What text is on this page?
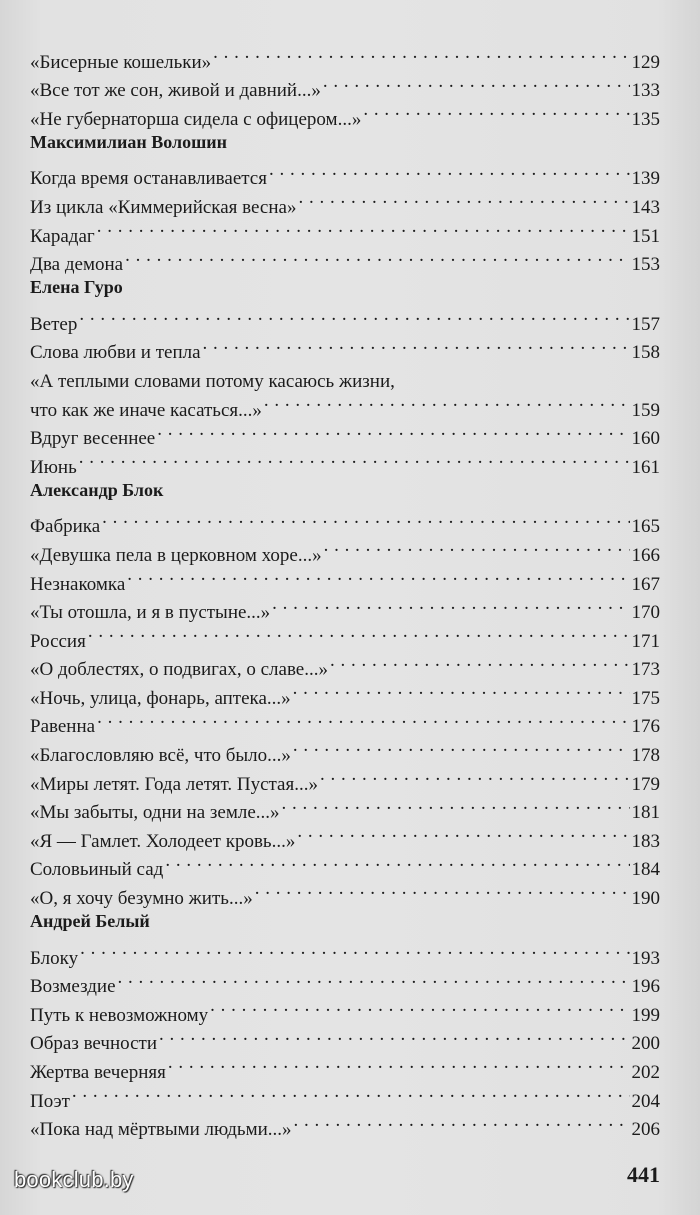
«Бисерные кошельки» . . .	129
«Все тот же сон, живой и давний...» . . .	133
«Не губернаторша сидела с офицером...» . . .	135
Максимилиан Волошин
Когда время останавливается . . .	139
Из цикла «Киммерийская весна» . . .	143
Карадаг . . .	151
Два демона . . .	153
Елена Гуро
Ветер . . .	157
Слова любви и тепла . . .	158
«А теплыми словами потому касаюсь жизни,
что как же иначе касаться...» . . .	159
Вдруг весеннее . . .	160
Июнь . . .	161
Александр Блок
Фабрика . . .	165
«Девушка пела в церковном хоре...» . . .	166
Незнакомка . . .	167
«Ты отошла, и я в пустыне...» . . .	170
Россия . . .	171
«О доблестях, о подвигах, о славе...» . . .	173
«Ночь, улица, фонарь, аптека...» . . .	175
Равенна . . .	176
«Благословляю всё, что было...» . . .	178
«Миры летят. Года летят. Пустая...» . . .	179
«Мы забыты, одни на земле...» . . .	181
«Я — Гамлет. Холодеет кровь...» . . .	183
Соловьиный сад . . .	184
«О, я хочу безумно жить...» . . .	190
Андрей Белый
Блоку . . .	193
Возмездие . . .	196
Путь к невозможному . . .	199
Образ вечности . . .	200
Жертва вечерняя . . .	202
Поэт . . .	204
«Пока над мёртвыми людьми...» . . .	206
441
bookclub.by
